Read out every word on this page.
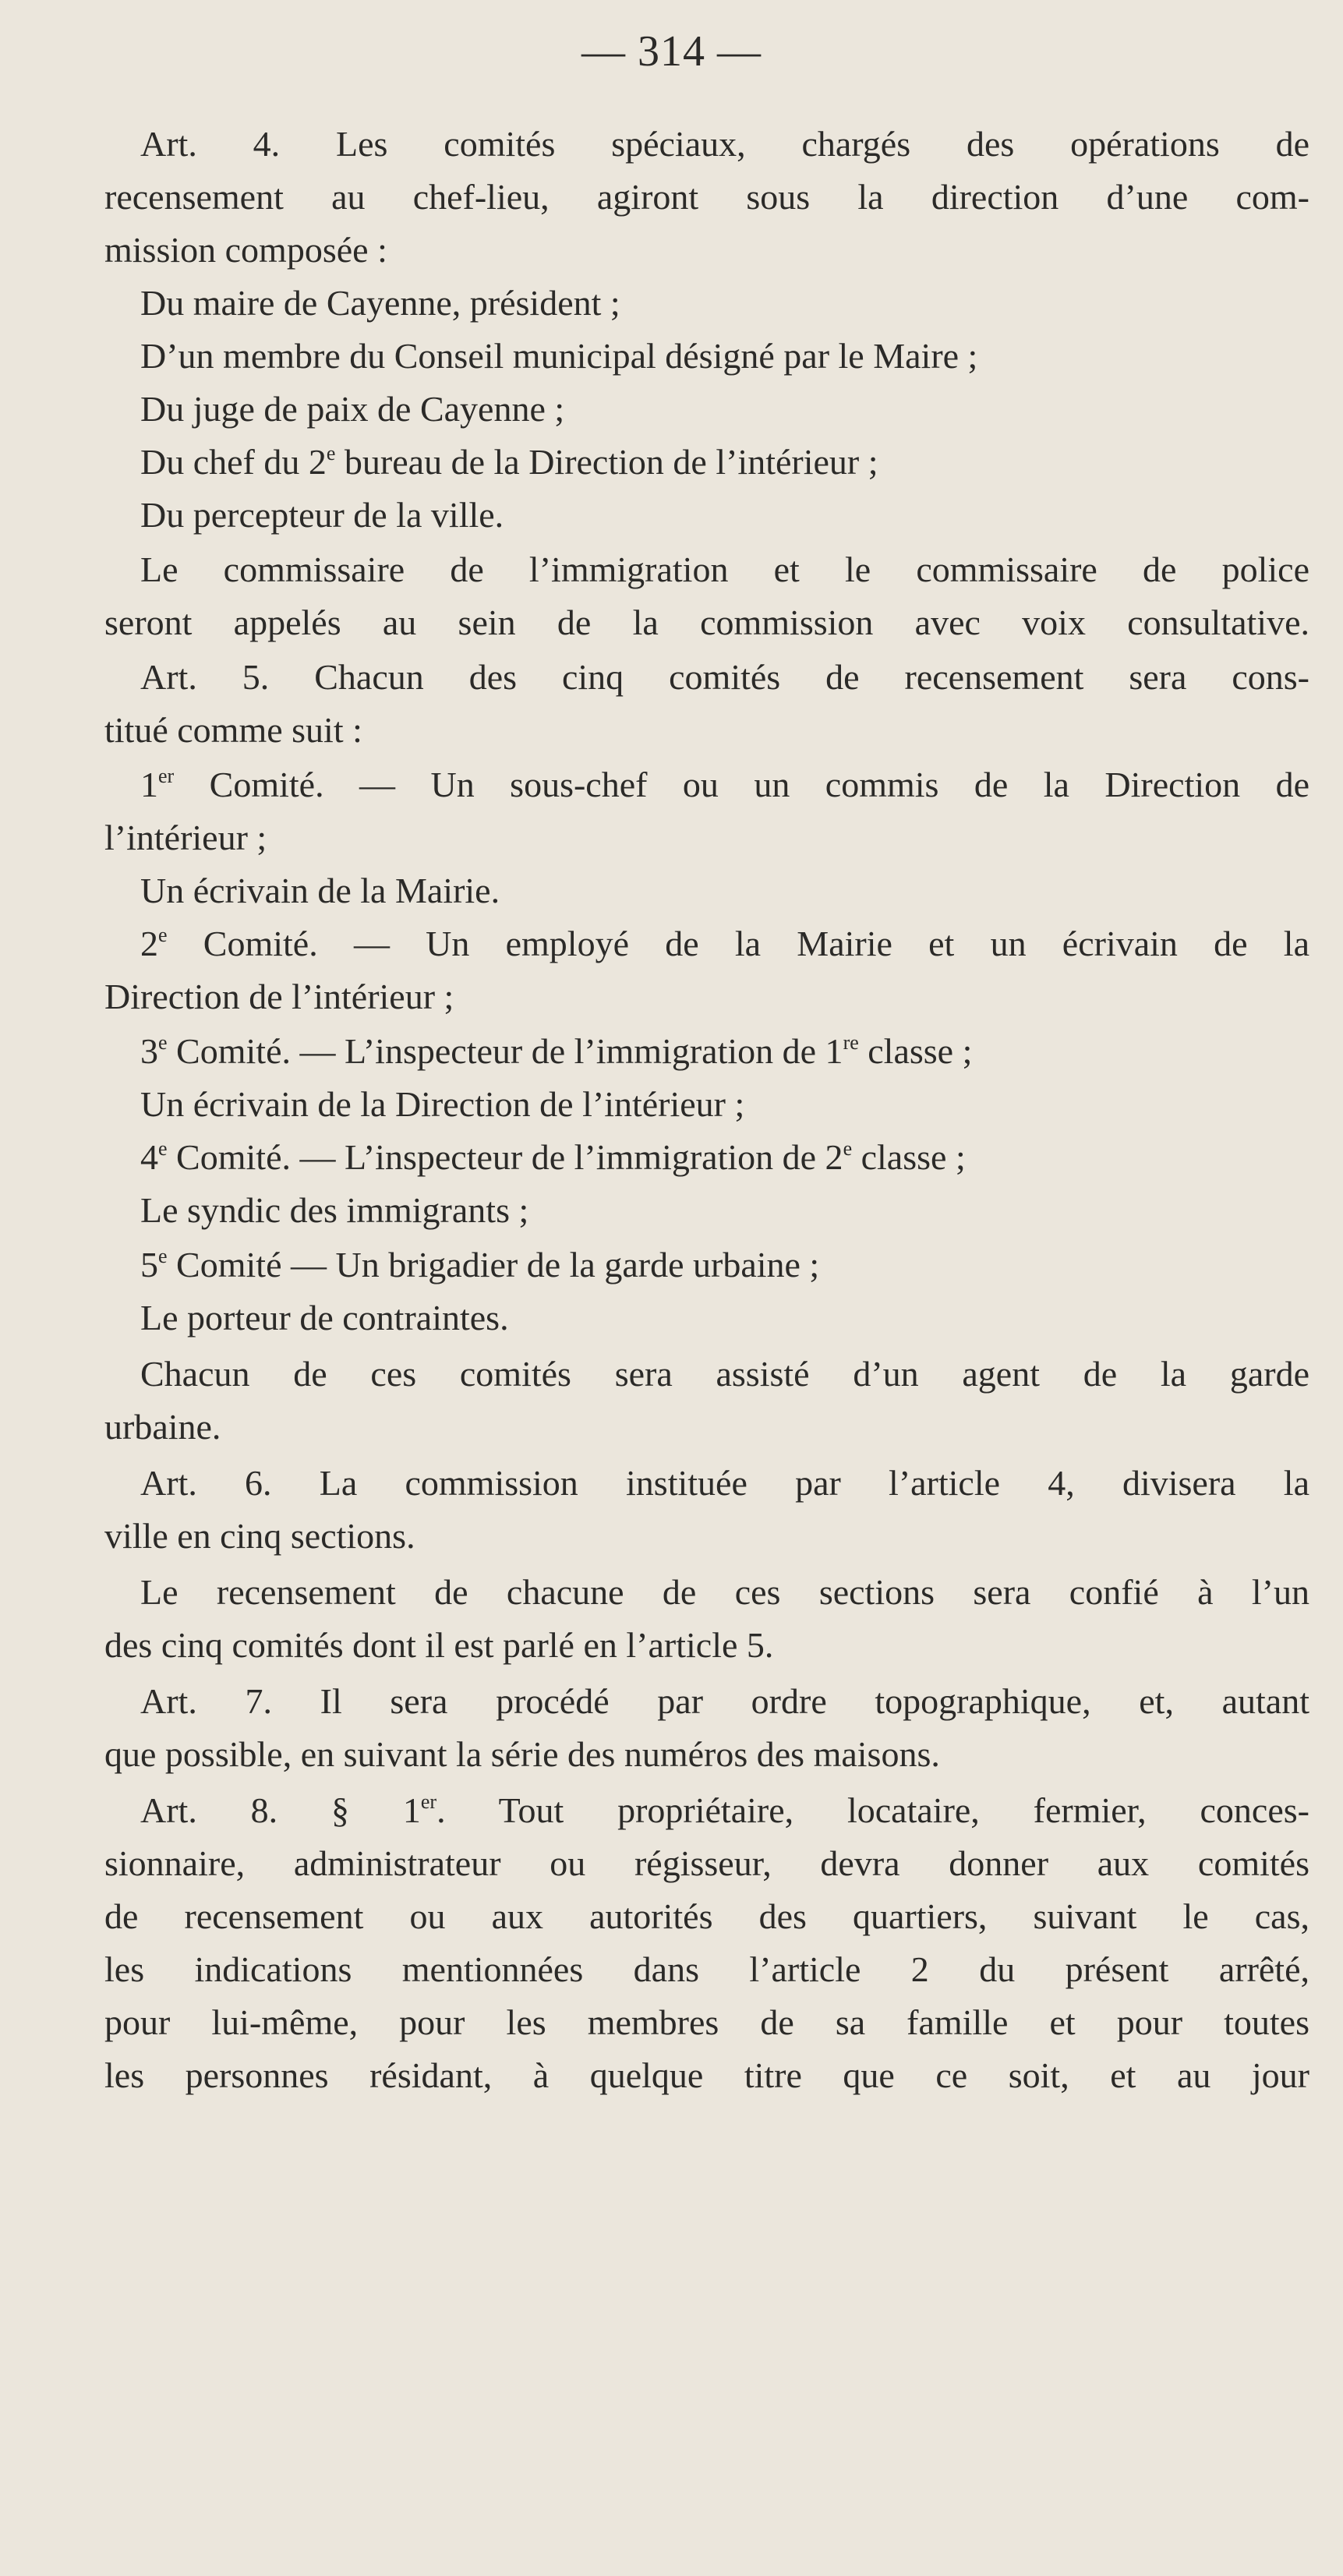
— 314 —
Art. 4. Les comités spéciaux, chargés des opérations de
recensement au chef-lieu, agiront sous la direction d’une com-
mission composée :
Du maire de Cayenne, président ;
D’un membre du Conseil municipal désigné par le Maire ;
Du juge de paix de Cayenne ;
Du chef du 2e bureau de la Direction de l’intérieur ;
Du percepteur de la ville.
Le commissaire de l’immigration et le commissaire de police
seront appelés au sein de la commission avec voix consultative.
Art. 5. Chacun des cinq comités de recensement sera cons-
titué comme suit :
1er Comité. — Un sous-chef ou un commis de la Direction de
l’intérieur ;
Un écrivain de la Mairie.
2e Comité. — Un employé de la Mairie et un écrivain de la
Direction de l’intérieur ;
3e Comité. — L’inspecteur de l’immigration de 1re classe ;
Un écrivain de la Direction de l’intérieur ;
4e Comité. — L’inspecteur de l’immigration de 2e classe ;
Le syndic des immigrants ;
5e Comité — Un brigadier de la garde urbaine ;
Le porteur de contraintes.
Chacun de ces comités sera assisté d’un agent de la garde
urbaine.
Art. 6. La commission instituée par l’article 4, divisera la
ville en cinq sections.
Le recensement de chacune de ces sections sera confié à l’un
des cinq comités dont il est parlé en l’article 5.
Art. 7. Il sera procédé par ordre topographique, et, autant
que possible, en suivant la série des numéros des maisons.
Art. 8. § 1er. Tout propriétaire, locataire, fermier, conces-
sionnaire, administrateur ou régisseur, devra donner aux comités
de recensement ou aux autorités des quartiers, suivant le cas,
les indications mentionnées dans l’article 2 du présent arrêté,
pour lui-même, pour les membres de sa famille et pour toutes
les personnes résidant, à quelque titre que ce soit, et au jour
